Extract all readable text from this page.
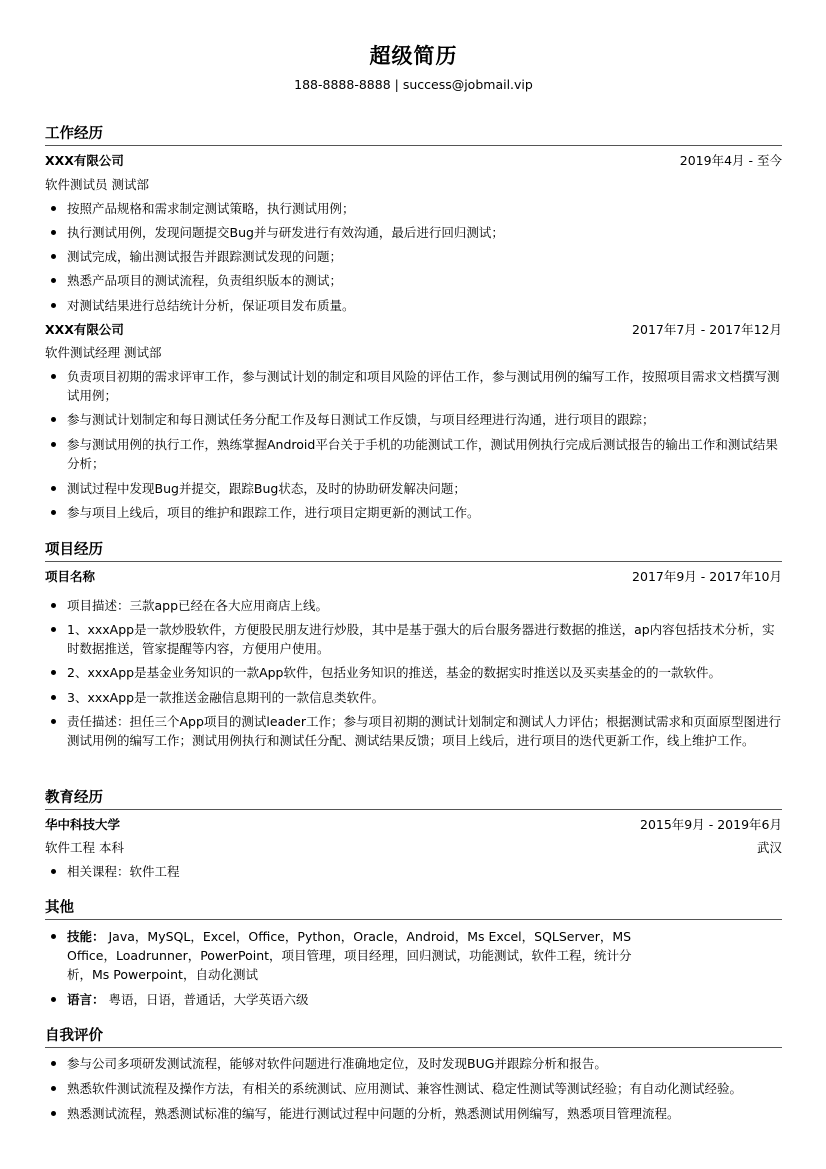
超级简历
188-8888-8888 | success@jobmail.vip
工作经历
XXX有限公司	2019年4月 - 至今
软件测试员 测试部
按照产品规格和需求制定测试策略，执行测试用例；
执行测试用例，发现问题提交Bug并与研发进行有效沟通，最后进行回归测试；
测试完成，输出测试报告并跟踪测试发现的问题；
熟悉产品项目的测试流程，负责组织版本的测试；
对测试结果进行总结统计分析，保证项目发布质量。
XXX有限公司	2017年7月 - 2017年12月
软件测试经理 测试部
负责项目初期的需求评审工作，参与测试计划的制定和项目风险的评估工作，参与测试用例的编写工作，按照项目需求文档撰写测试用例；
参与测试计划制定和每日测试任务分配工作及每日测试工作反馈，与项目经理进行沟通，进行项目的跟踪；
参与测试用例的执行工作，熟练掌握Android平台关于手机的功能测试工作，测试用例执行完成后测试报告的输出工作和测试结果分析；
测试过程中发现Bug并提交，跟踪Bug状态，及时的协助研发解决问题；
参与项目上线后，项目的维护和跟踪工作，进行项目定期更新的测试工作。
项目经历
项目名称	2017年9月 - 2017年10月
项目描述：三款app已经在各大应用商店上线。
1、xxxApp是一款炒股软件，方便股民朋友进行炒股，其中是基于强大的后台服务器进行数据的推送，ap内容包括技术分析，实时数据推送，管家提醒等内容，方便用户使用。
2、xxxApp是基金业务知识的一款App软件，包括业务知识的推送，基金的数据实时推送以及买卖基金的的一款软件。
3、xxxApp是一款推送金融信息期刊的一款信息类软件。
责任描述：担任三个App项目的测试leader工作；参与项目初期的测试计划制定和测试人力评估；根据测试需求和页面原型图进行测试用例的编写工作；测试用例执行和测试任分配、测试结果反馈；项目上线后，进行项目的迭代更新工作，线上维护工作。
教育经历
华中科技大学	2015年9月 - 2019年6月
软件工程 本科	武汉
相关课程：软件工程
其他
技能： Java，MySQL，Excel，Office，Python，Oracle，Android，Ms Excel，SQLServer，MS Office，Loadrunner，PowerPoint，项目管理，项目经理，回归测试，功能测试，软件工程，统计分析，Ms Powerpoint，自动化测试
语言： 粤语，日语，普通话，大学英语六级
自我评价
参与公司多项研发测试流程，能够对软件问题进行准确地定位，及时发现BUG并跟踪分析和报告。
熟悉软件测试流程及操作方法，有相关的系统测试、应用测试、兼容性测试、稳定性测试等测试经验；有自动化测试经验。
熟悉测试流程，熟悉测试标准的编写，能进行测试过程中问题的分析，熟悉测试用例编写，熟悉项目管理流程。
